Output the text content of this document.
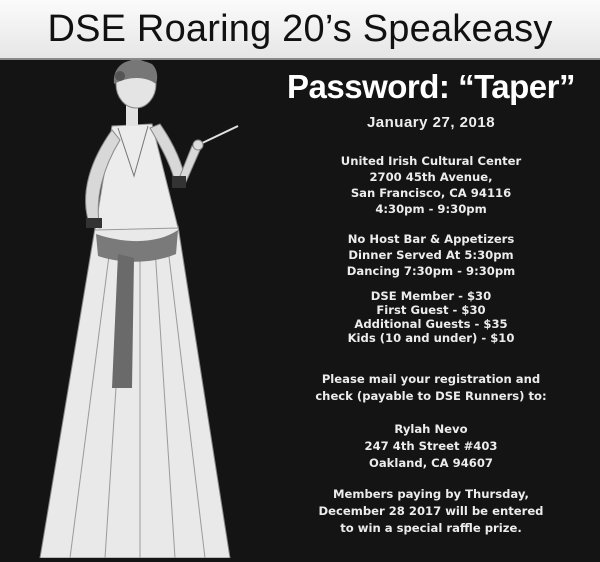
DSE Roaring 20’s Speakeasy
Password: “Taper”
January 27, 2018
United Irish Cultural Center
2700 45th Avenue,
San Francisco, CA 94116
4:30pm - 9:30pm
No Host Bar & Appetizers
Dinner Served At 5:30pm
Dancing 7:30pm - 9:30pm
DSE Member - $30
First Guest - $30
Additional Guests - $35
Kids (10 and under) - $10
Please mail your registration and
check (payable to DSE Runners) to:
Rylah Nevo
247 4th Street #403
Oakland, CA 94607
Members paying by Thursday,
December 28 2017 will be entered
to win a special raffle prize.
